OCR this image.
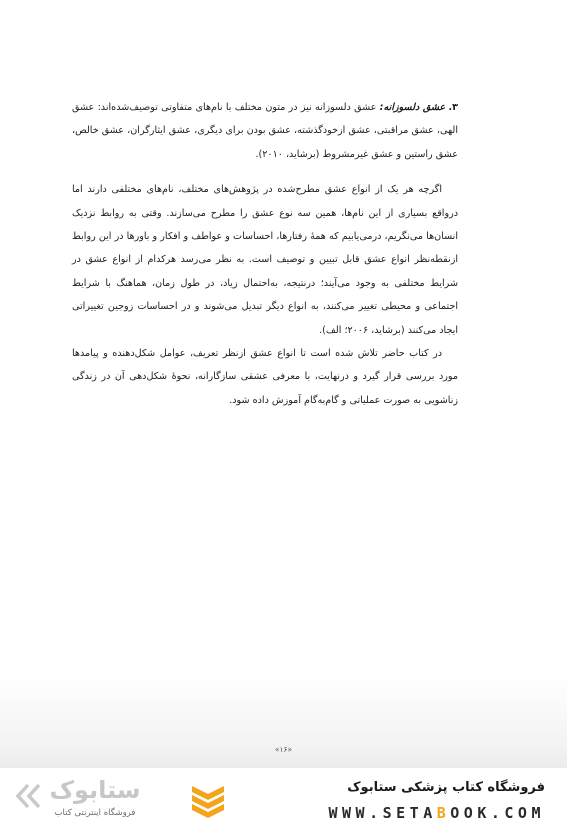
۳. عشق دلسوزانه: عشق دلسوزانه نیز در متون مختلف با نام‌های متفاوتی توصیف‌شده‌اند: عشق الهی، عشق مراقبتی، عشق ازخودگذشته، عشق بودن برای دیگری، عشق ایثارگران، عشق خالص، عشق راستین و عشق غیرمشروط (برشاید، ۲۰۱۰).

اگرچه هر یک از انواع عشق مطرح‌شده در پژوهش‌های مختلف، نام‌های مختلفی دارند اما درواقع بسیاری از این نام‌ها، همین سه نوع عشق را مطرح می‌سازند. وقتی به روابط نزدیک انسان‌ها می‌نگریم، درمی‌یابیم که همهٔ رفتارها، احساسات و عواطف و افکار و باورها در این روابط ازنقطه‌نظر انواع عشق قابل تبیین و توصیف است. به نظر می‌رسد هرکدام از انواع عشق در شرایط مختلفی به وجود می‌آیند؛ درنتیجه، به‌احتمال زیاد، در طول زمان، هماهنگ با شرایط اجتماعی و محیطی تغییر می‌کنند، به انواع دیگر تبدیل می‌شوند و در احساسات زوجین تغییراتی ایجاد می‌کنند (برشاید، ۲۰۰۶؛ الف).

در کتاب حاضر تلاش شده است تا انواع عشق ازنظر تعریف، عوامل شکل‌دهنده و پیامدها مورد بررسی قرار گیرد و درنهایت، با معرفی عشقی سازگارانه، نحوهٔ شکل‌دهی آن در زندگی زناشویی به صورت عملیاتی و گام‌به‌گام آموزش داده شود.

«۱۶»
ستابوک
فروشگاه اینترنتی کتاب
فروشگاه کتاب پزشکی ستابوک
WWW.SETABOOK.COM
